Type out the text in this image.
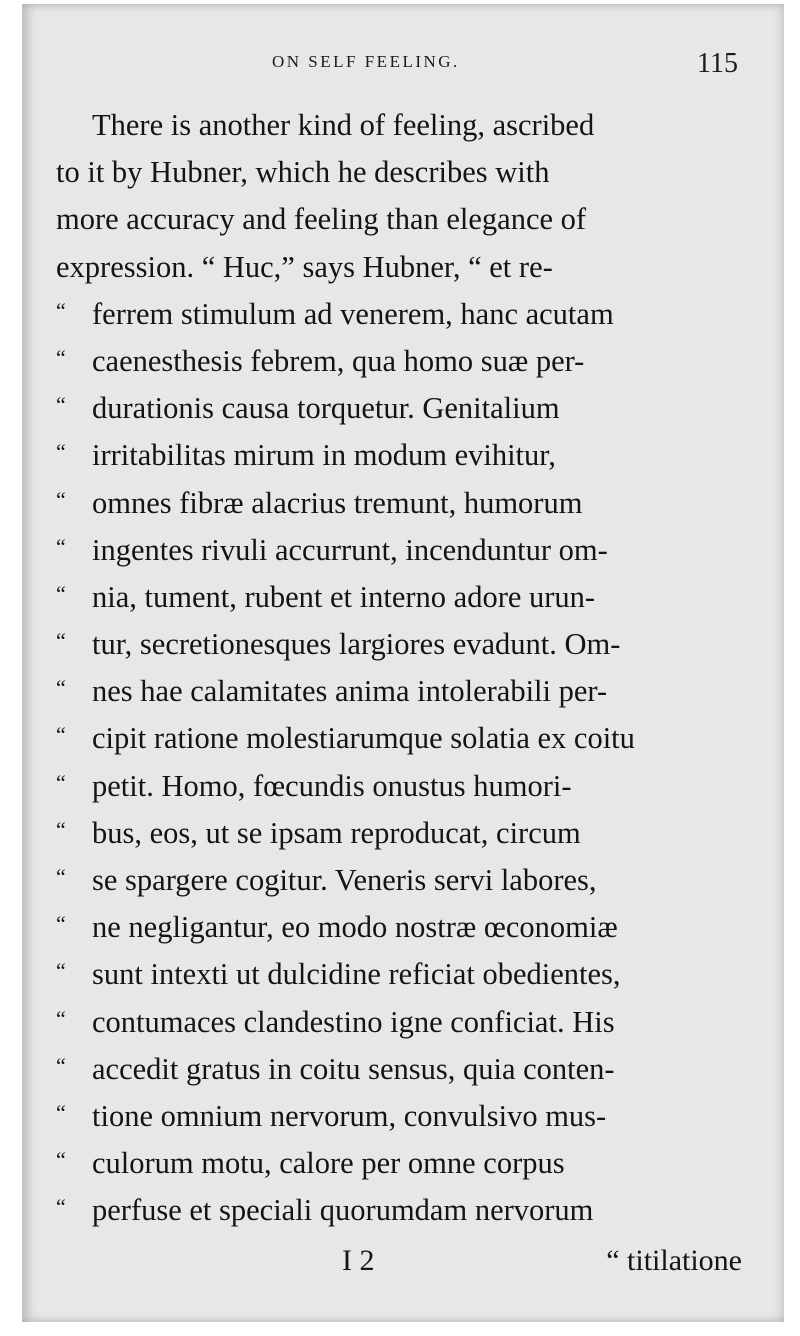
ON SELF FEELING.	115
There is another kind of feeling, ascribed
to it by Hubner, which he describes with
more accuracy and feeling than elegance of
expression. “ Huc,” says Hubner, “ et re-
“ ferrem stimulum ad venerem, hanc acutam
“ caenesthesis febrem, qua homo suæ per-
“ durationis causa torquetur. Genitalium
“ irritabilitas mirum in modum evihitur,
“ omnes fibræ alacrius tremunt, humorum
“ ingentes rivuli accurrunt, incenduntur om-
“ nia, tument, rubent et interno adore urun-
“ tur, secretionesques largiores evadunt. Om-
“ nes hae calamitates anima intolerabili per-
“ cipit ratione molestiarumque solatia ex coitu
“ petit. Homo, fœcundis onustus humori-
“ bus, eos, ut se ipsam reproducat, circum
“ se spargere cogitur. Veneris servi labores,
“ ne negligantur, eo modo nostræ œconomiæ
“ sunt intexti ut dulcidine reficiat obedientes,
“ contumaces clandestino igne conficiat. His
“ accedit gratus in coitu sensus, quia conten-
“ tione omnium nervorum, convulsivo mus-
“ culorum motu, calore per omne corpus
“ perfuse et speciali quorumdam nervorum
I 2	“ titilatione
